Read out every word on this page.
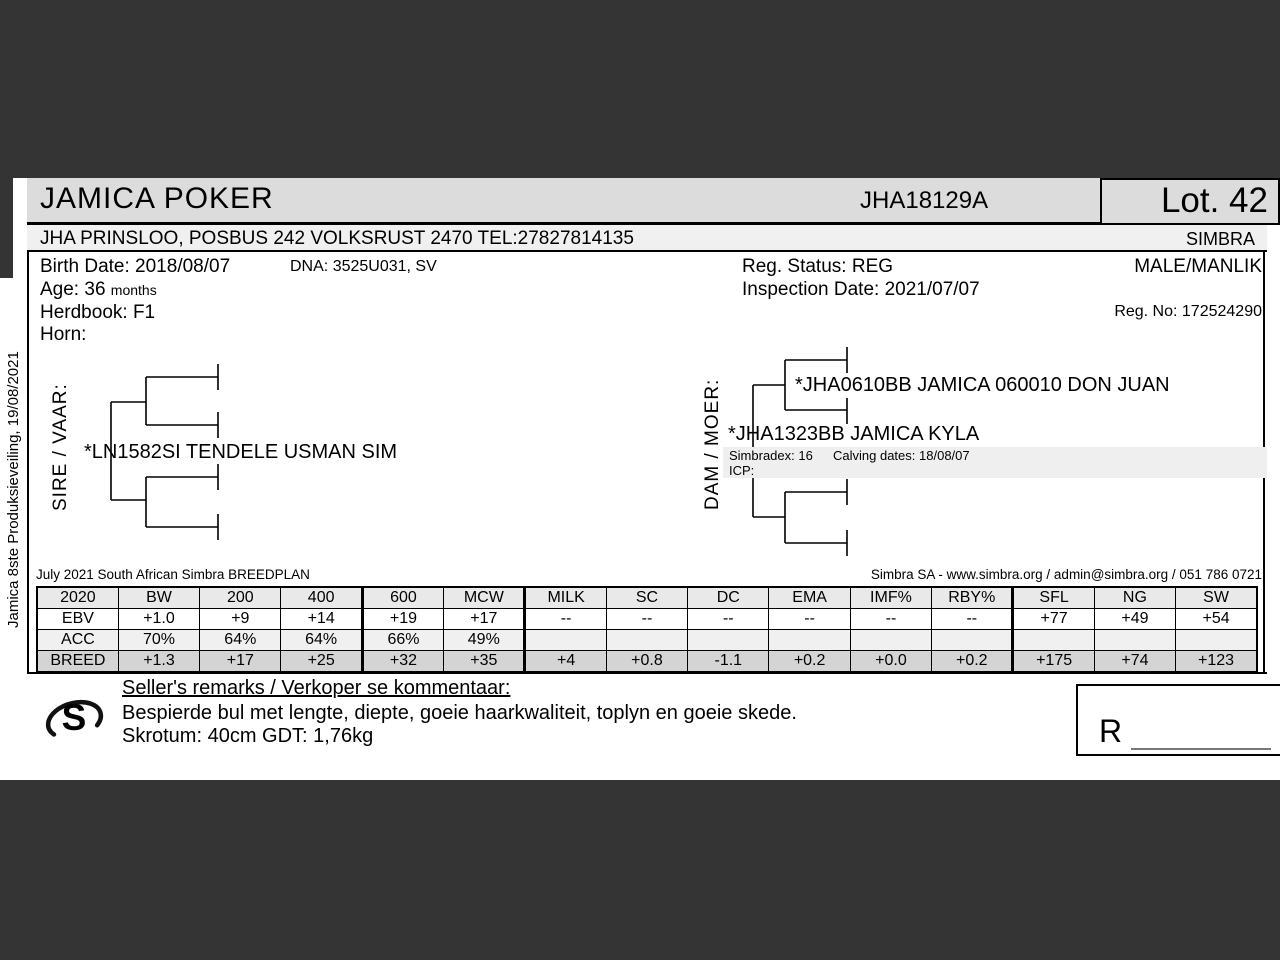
Jamica 8ste Produksieveiling, 19/08/2021
JAMICA POKER	JHA18129A	Lot. 42
JHA PRINSLOO, POSBUS 242 VOLKSRUST 2470 TEL:27827814135	SIMBRA
Birth Date: 2018/08/07	DNA: 3525U031, SV	Reg. Status: REG	MALE/MANLIK
Age: 36 months	Inspection Date: 2021/07/07
Herdbook: F1	Reg. No: 172524290
Horn:
SIRE / VAAR: *LN1582SI TENDELE USMAN SIM	DAM / MOER:	*JHA0610BB JAMICA 060010 DON JUAN
*JHA1323BB JAMICA KYLA
Simbradex: 16 Calving dates: 18/08/07
ICP:
July 2021 South African Simbra BREEDPLAN	Simbra SA - www.simbra.org / admin@simbra.org / 051 786 0721
2020	BW	200	400	600	MCW	MILK	SC	DC	EMA	IMF%	RBY%	SFL	NG	SW
EBV	+1.0	+9	+14	+19	+17	--	--	--	--	--	--	+77	+49	+54
ACC	70%	64%	64%	66%	49%									
BREED	+1.3	+17	+25	+32	+35	+4	+0.8	-1.1	+0.2	+0.0	+0.2	+175	+74	+123
S
Seller's remarks / Verkoper se kommentaar:
Bespierde bul met lengte, diepte, goeie haarkwaliteit, toplyn en goeie skede.
Skrotum: 40cm GDT: 1,76kg	R
